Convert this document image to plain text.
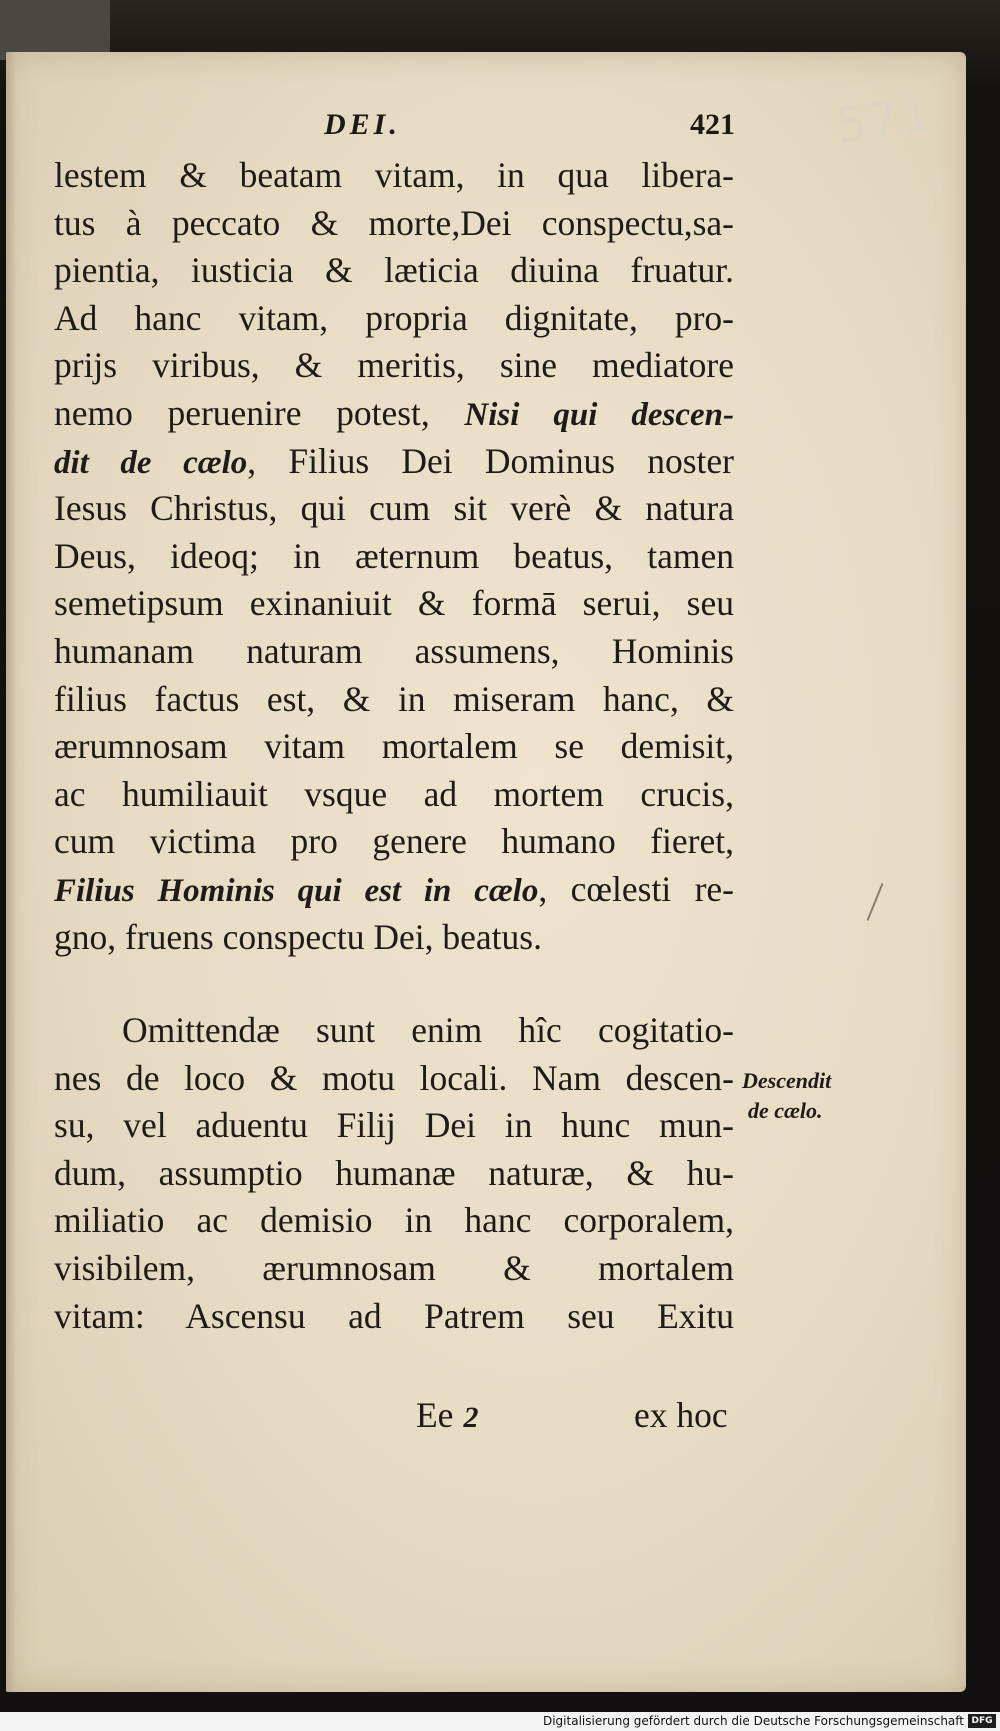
571
DEI.	421
lestem & beatam vitam, in qua libera-
tus à peccato & morte,Dei conspectu,sa-
pientia, iusticia & læticia diuina fruatur.
Ad hanc vitam, propria dignitate, pro-
prijs viribus, & meritis, sine mediatore
nemo peruenire potest, Nisi qui descen-
dit de cælo, Filius Dei Dominus noster
Iesus Christus, qui cum sit verè & natura
Deus, ideoq; in æternum beatus, tamen
semetipsum exinaniuit & formā serui, seu
humanam naturam assumens, Hominis
filius factus est, & in miseram hanc, &
ærumnosam vitam mortalem se demisit,
ac humiliauit vsque ad mortem crucis,
cum victima pro genere humano fieret,
Filius Hominis qui est in cælo, cœlesti re-
gno, fruens conspectu Dei, beatus.
Omittendæ sunt enim hîc cogitatio-
nes de loco & motu locali. Nam descen-
su, vel aduentu Filij Dei in hunc mun-
dum, assumptio humanæ naturæ, & hu-
miliatio ac demisio in hanc corporalem,
visibilem, ærumnosam & mortalem
vitam: Ascensu ad Patrem seu Exitu
Descendit
de cælo.
Ee 2	ex hoc
Digitalisierung gefördert durch die Deutsche Forschungsgemeinschaft DFG
